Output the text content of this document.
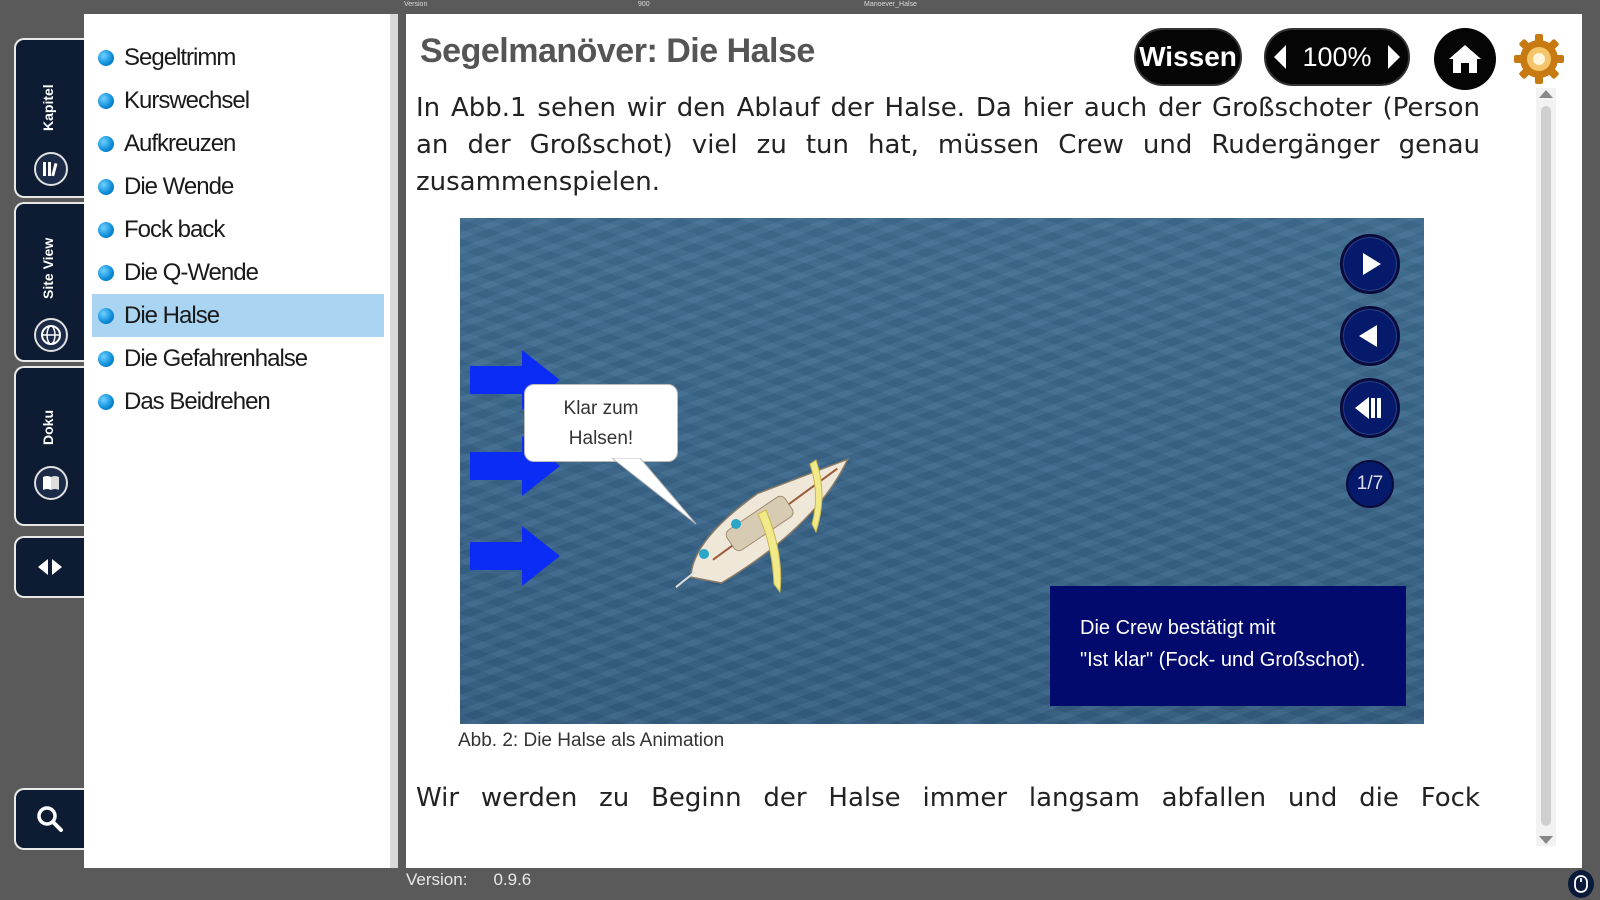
Version	900	Manoever_Halse
Kapitel
Site View
Doku
Segeltrimm
Kurswechsel
Aufkreuzen
Die Wende
Fock back
Die Q-Wende
Die Halse
Die Gefahrenhalse
Das Beidrehen
Segelmanöver: Die Halse	Wissen 100%

In Abb.1 sehen wir den Ablauf der Halse. Da hier auch der Großschoter (Person an der Großschot) viel zu tun hat, müssen Crew und Rudergänger genau zusammenspielen.

Klar zum Halsen!
1/7
Die Crew bestätigt mit
"Ist klar" (Fock- und Großschot).
Abb. 2: Die Halse als Animation

Wir werden zu Beginn der Halse immer langsam abfallen und die Fock

Version: 0.9.6
